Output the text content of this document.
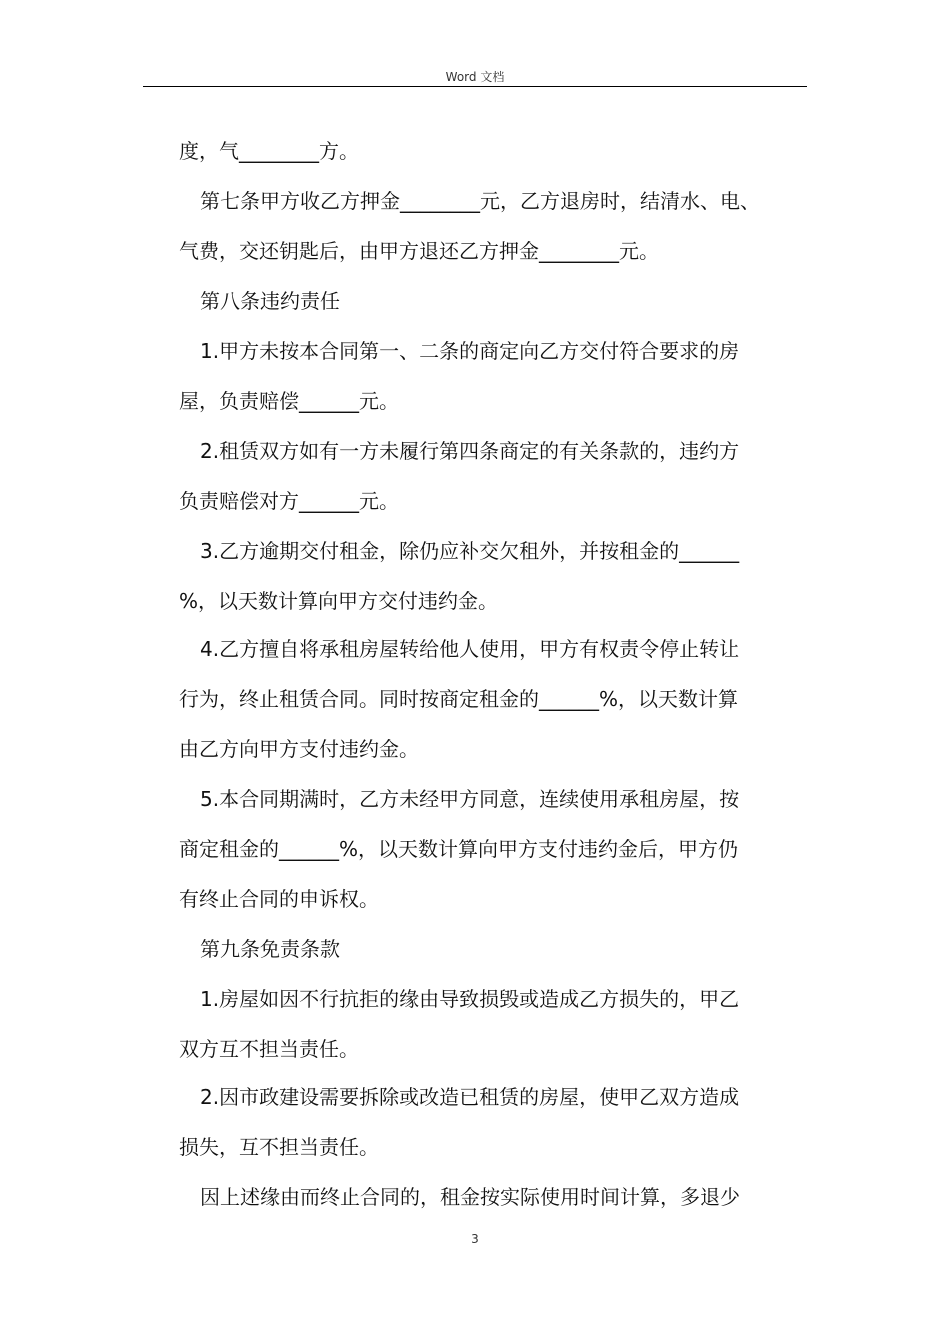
Word 文档
度，气________方。
第七条甲方收乙方押金________元，乙方退房时，结清水、电、
气费，交还钥匙后，由甲方退还乙方押金________元。
第八条违约责任
1.甲方未按本合同第一、二条的商定向乙方交付符合要求的房
屋，负责赔偿______元。
2.租赁双方如有一方未履行第四条商定的有关条款的，违约方
负责赔偿对方______元。
3.乙方逾期交付租金，除仍应补交欠租外，并按租金的______
%，以天数计算向甲方交付违约金。
4.乙方擅自将承租房屋转给他人使用，甲方有权责令停止转让
行为，终止租赁合同。同时按商定租金的______%，以天数计算
由乙方向甲方支付违约金。
5.本合同期满时，乙方未经甲方同意，连续使用承租房屋，按
商定租金的______%，以天数计算向甲方支付违约金后，甲方仍
有终止合同的申诉权。
第九条免责条款
1.房屋如因不行抗拒的缘由导致损毁或造成乙方损失的，甲乙
双方互不担当责任。
2.因市政建设需要拆除或改造已租赁的房屋，使甲乙双方造成
损失，互不担当责任。
因上述缘由而终止合同的，租金按实际使用时间计算，多退少
3
